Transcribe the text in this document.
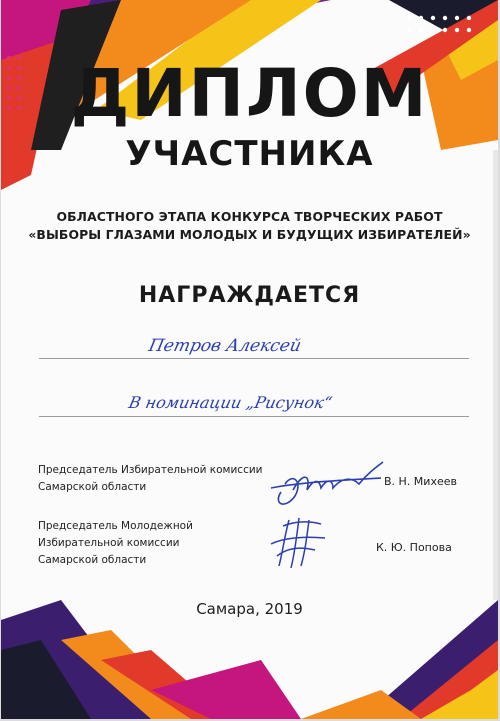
ДИПЛОМ
УЧАСТНИКА
ОБЛАСТНОГО ЭТАПА КОНКУРСА ТВОРЧЕСКИХ РАБОТ
«ВЫБОРЫ ГЛАЗАМИ МОЛОДЫХ И БУДУЩИХ ИЗБИРАТЕЛЕЙ»
НАГРАЖДАЕТСЯ
Петров Алексей
В номинации „Рисунок“
Председатель Избирательной комиссии
Самарской области	В. Н. Михеев
Председатель Молодежной
Избирательной комиссии
Самарской области
К. Ю. Попова
Самара, 2019
